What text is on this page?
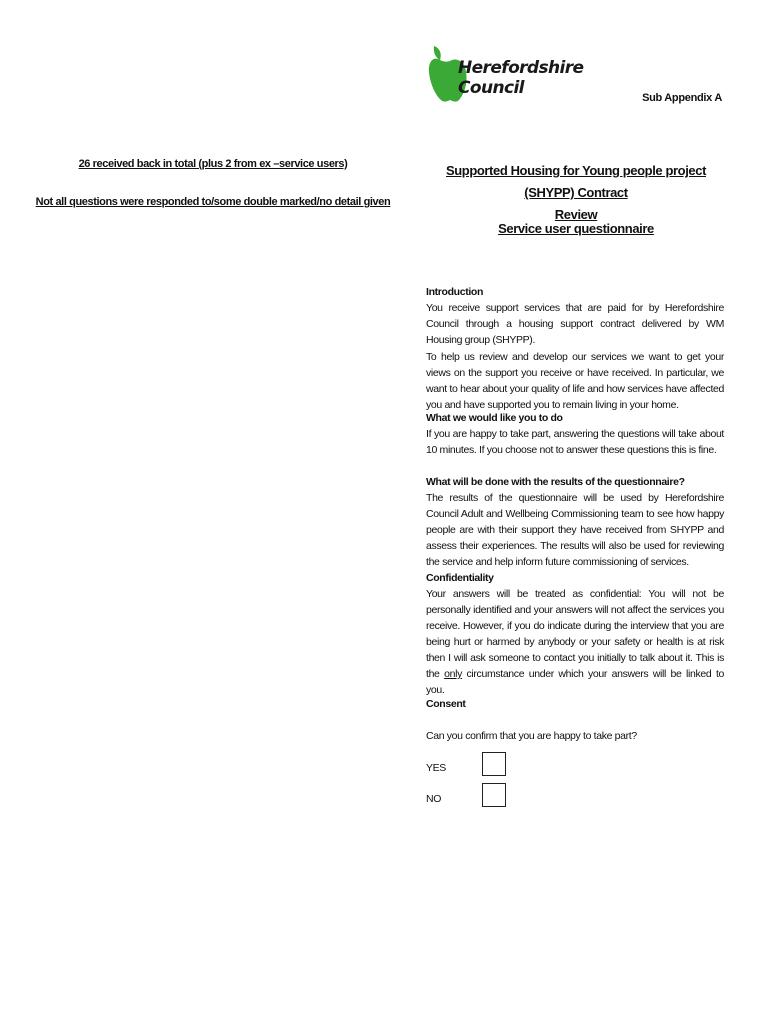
Herefordshire
Council	Sub Appendix A
26 received back in total (plus 2 from ex –service users)
Not all questions were responded to/some double marked/no detail given
Supported Housing for Young people project (SHYPP) Contract
Review
Service user questionnaire
Introduction
You receive support services that are paid for by Herefordshire Council through a housing support contract delivered by WM Housing group (SHYPP).
To help us review and develop our services we want to get your views on the support you receive or have received. In particular, we want to hear about your quality of life and how services have affected you and have supported you to remain living in your home.
What we would like you to do
If you are happy to take part, answering the questions will take about 10 minutes. If you choose not to answer these questions this is fine.
What will be done with the results of the questionnaire?
The results of the questionnaire will be used by Herefordshire Council Adult and Wellbeing Commissioning team to see how happy people are with their support they have received from SHYPP and assess their experiences. The results will also be used for reviewing the service and help inform future commissioning of services.
Confidentiality
Your answers will be treated as confidential: You will not be personally identified and your answers will not affect the services you receive. However, if you do indicate during the interview that you are being hurt or harmed by anybody or your safety or health is at risk then I will ask someone to contact you initially to talk about it. This is the only circumstance under which your answers will be linked to you.
Consent
Can you confirm that you are happy to take part?
YES
NO
